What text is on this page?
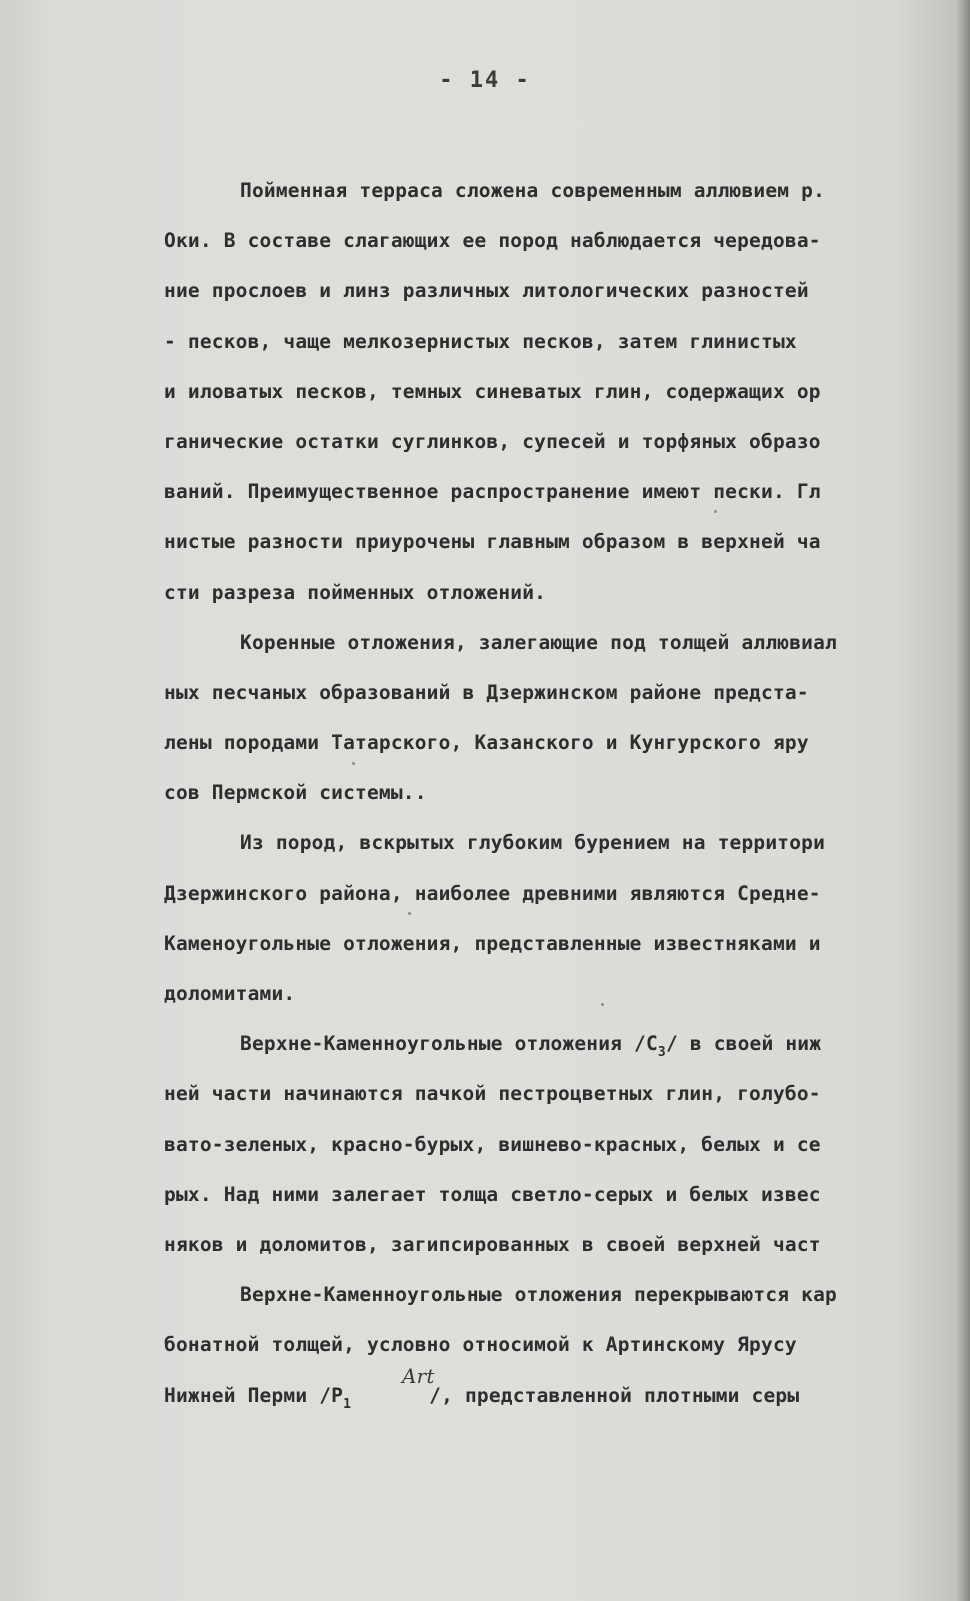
- 14 -
Пойменная терраса сложена современным аллювием р.
Оки. В составе слагающих ее пород наблюдается чередова-
ние прослоев и линз различных литологических разностей
- песков, чаще мелкозернистых песков, затем глинистых
и иловатых песков, темных синеватых глин, содержащих ор
ганические остатки суглинков, супесей и торфяных образо
ваний. Преимущественное распространение имеют пески. Гл
нистые разности приурочены главным образом в верхней ча
сти разреза пойменных отложений.
Коренные отложения, залегающие под толщей аллювиал
ных песчаных образований в Дзержинском районе предста-
лены породами Татарского, Казанского и Кунгурского яру
сов Пермской системы..
Из пород, вскрытых глубоким бурением на территори
Дзержинского района, наиболее древними являются Средне-
Каменоугольные отложения, представленные известняками и
доломитами.
Верхне-Каменноугольные отложения $/С_3/$ в своей ниж
ней части начинаются пачкой пестроцветных глин, голубо-
вато-зеленых, красно-бурых, вишнево-красных, белых и се
рых. Над ними залегает толща светло-серых и белых извес
няков и доломитов, загипсированных в своей верхней част
Верхне-Каменноугольные отложения перекрываются кар
бонатной толщей, условно относимой к Артинскому Ярусу
Нижней Перми $/Р_1$	/, представленной плотными серы
Art
